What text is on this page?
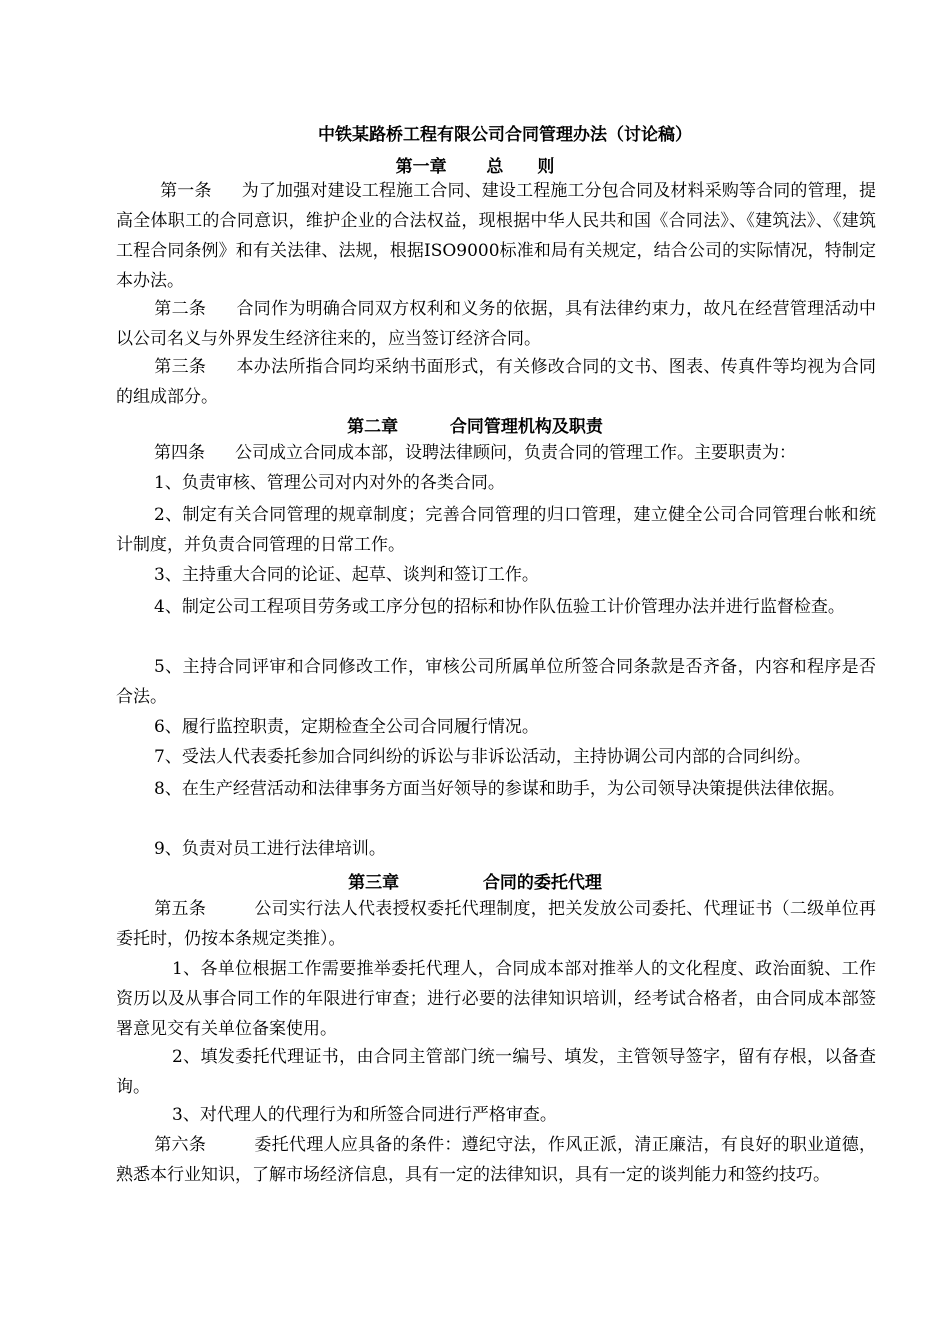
中铁某路桥工程有限公司合同管理办法（讨论稿）
第一章 总　　则
第一条 为了加强对建设工程施工合同、建设工程施工分包合同及材料采购等合同的管理，提高全体职工的合同意识，维护企业的合法权益，现根据中华人民共和国《合同法》、《建筑法》、《建筑工程合同条例》和有关法律、法规，根据ISO9000标准和局有关规定，结合公司的实际情况，特制定本办法。
第二条 合同作为明确合同双方权利和义务的依据，具有法律约束力，故凡在经营管理活动中以公司名义与外界发生经济往来的，应当签订经济合同。
第三条 本办法所指合同均采纳书面形式，有关修改合同的文书、图表、传真件等均视为合同的组成部分。
第二章	合同管理机构及职责
第四条 公司成立合同成本部，设聘法律顾问，负责合同的管理工作。主要职责为：
1、负责审核、管理公司对内对外的各类合同。
2、制定有关合同管理的规章制度；完善合同管理的归口管理，建立健全公司合同管理台帐和统计制度，并负责合同管理的日常工作。
3、主持重大合同的论证、起草、谈判和签订工作。
4、制定公司工程项目劳务或工序分包的招标和协作队伍验工计价管理办法并进行监督检查。
5、主持合同评审和合同修改工作，审核公司所属单位所签合同条款是否齐备，内容和程序是否合法。
6、履行监控职责，定期检查全公司合同履行情况。
7、受法人代表委托参加合同纠纷的诉讼与非诉讼活动，主持协调公司内部的合同纠纷。
8、在生产经营活动和法律事务方面当好领导的参谋和助手，为公司领导决策提供法律依据。
9、负责对员工进行法律培训。
第三章	合同的委托代理
第五条	公司实行法人代表授权委托代理制度，把关发放公司委托、代理证书（二级单位再委托时，仍按本条规定类推）。
1、各单位根据工作需要推举委托代理人，合同成本部对推举人的文化程度、政治面貌、工作资历以及从事合同工作的年限进行审查；进行必要的法律知识培训，经考试合格者，由合同成本部签署意见交有关单位备案使用。
2、填发委托代理证书，由合同主管部门统一编号、填发，主管领导签字，留有存根，以备查询。
3、对代理人的代理行为和所签合同进行严格审查。
第六条	委托代理人应具备的条件：遵纪守法，作风正派，清正廉洁，有良好的职业道德，熟悉本行业知识，了解市场经济信息，具有一定的法律知识，具有一定的谈判能力和签约技巧。
